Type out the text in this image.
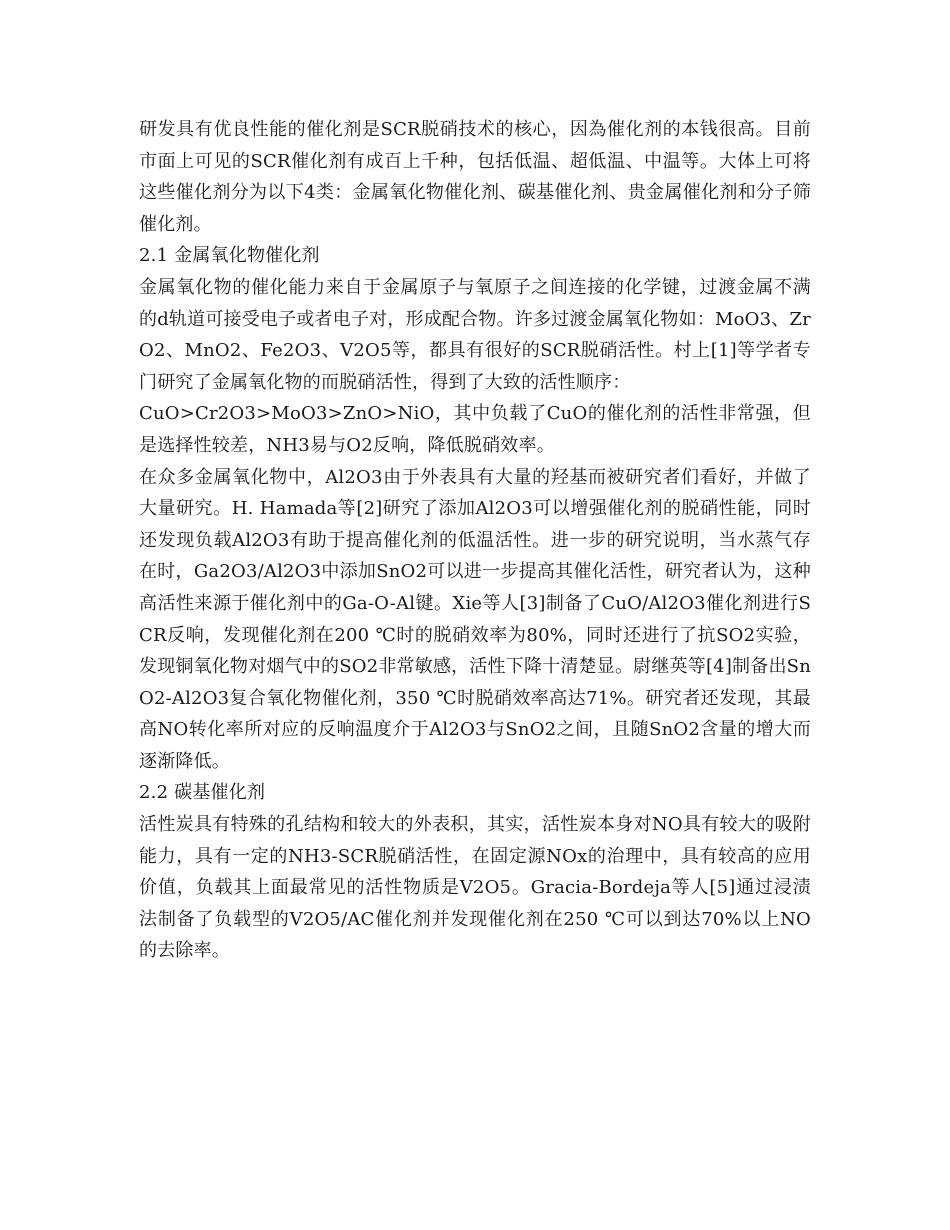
研发具有优良性能的催化剂是SCR脱硝技术的核心，因為催化剂的本钱很高。目前市面上可见的SCR催化剂有成百上千种，包括低温、超低温、中温等。大体上可将这些催化剂分为以下4类：金属氧化物催化剂、碳基催化剂、贵金属催化剂和分子筛催化剂。

2.1 金属氧化物催化剂

金属氧化物的催化能力来自于金属原子与氧原子之间连接的化学键，过渡金属不满的d轨道可接受电子或者电子对，形成配合物。许多过渡金属氧化物如：MoO3、ZrO2、MnO2、Fe2O3、V2O5等，都具有很好的SCR脱硝活性。村上[1]等学者专门研究了金属氧化物的而脱硝活性，得到了大致的活性顺序：

CuO>Cr2O3>MoO3>ZnO>NiO，其中负载了CuO的催化剂的活性非常强，但是选择性较差，NH3易与O2反响，降低脱硝效率。

在众多金属氧化物中，Al2O3由于外表具有大量的羟基而被研究者们看好，并做了大量研究。H. Hamada等[2]研究了添加Al2O3可以增强催化剂的脱硝性能，同时还发现负载Al2O3有助于提高催化剂的低温活性。进一步的研究说明，当水蒸气存在时，Ga2O3/Al2O3中添加SnO2可以进一步提高其催化活性，研究者认为，这种高活性来源于催化剂中的Ga-O-Al键。Xie等人[3]制备了CuO/Al2O3催化剂进行SCR反响，发现催化剂在200 ℃时的脱硝效率为80%，同时还进行了抗SO2实验，发现铜氧化物对烟气中的SO2非常敏感，活性下降十清楚显。尉继英等[4]制备出SnO2-Al2O3复合氧化物催化剂，350 ℃时脱硝效率高达71%。研究者还发现，其最高NO转化率所对应的反响温度介于Al2O3与SnO2之间，且随SnO2含量的增大而逐渐降低。

2.2 碳基催化剂

活性炭具有特殊的孔结构和较大的外表积，其实，活性炭本身对NO具有较大的吸附能力，具有一定的NH3-SCR脱硝活性，在固定源NOx的治理中，具有较高的应用价值，负载其上面最常见的活性物质是V2O5。Gracia-Bordeja等人[5]通过浸渍法制备了负载型的V2O5/AC催化剂并发现催化剂在250 ℃可以到达70%以上NO的去除率。
